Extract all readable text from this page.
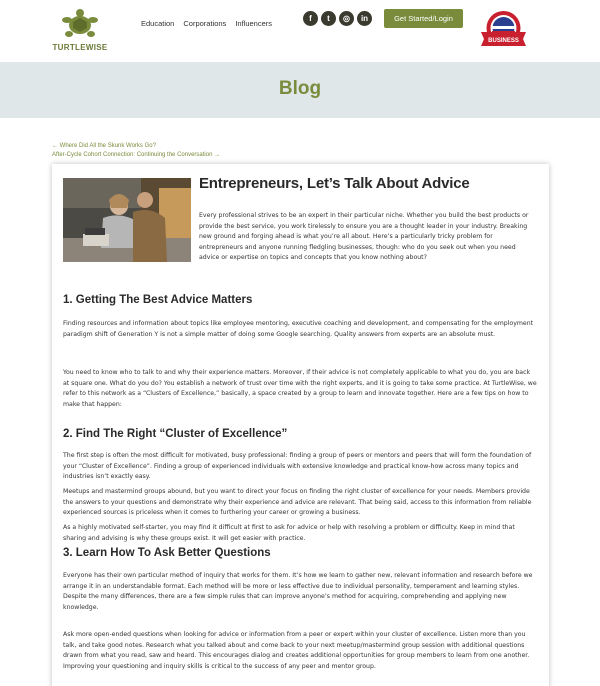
TURTLEWISE
Education Corporations Influencers
f	t	◎	in	Get Started/Login
BUSINESS
Blog
← Where Did All the Skunk Works Go?
After-Cycle Cohort Connection: Continuing the Conversation →
Entrepreneurs, Let’s Talk About Advice

Every professional strives to be an expert in their particular niche. Whether you build the best products or provide the best service, you work tirelessly to ensure you are a thought leader in your industry. Breaking new ground and forging ahead is what you’re all about. Here’s a particularly tricky problem for entrepreneurs and anyone running fledgling businesses, though: who do you seek out when you need advice or expertise on topics and concepts that you know nothing about?

1. Getting The Best Advice Matters

Finding resources and information about topics like employee mentoring, executive coaching and development, and compensating for the employment paradigm shift of Generation Y is not a simple matter of doing some Google searching. Quality answers from experts are an absolute must.

You need to know who to talk to and why their experience matters. Moreover, if their advice is not completely applicable to what you do, you are back at square one. What do you do? You establish a network of trust over time with the right experts, and it is going to take some practice. At TurtleWise, we refer to this network as a “Clusters of Excellence,” basically, a space created by a group to learn and innovate together. Here are a few tips on how to make that happen:

2. Find The Right “Cluster of Excellence”

The first step is often the most difficult for motivated, busy professional: finding a group of peers or mentors and peers that will form the foundation of your “Cluster of Excellence”. Finding a group of experienced individuals with extensive knowledge and practical know-how across many topics and industries isn’t exactly easy.

Meetups and mastermind groups abound, but you want to direct your focus on finding the right cluster of excellence for your needs. Members provide the answers to your questions and demonstrate why their experience and advice are relevant. That being said, access to this information from reliable experienced sources is priceless when it comes to furthering your career or growing a business.

As a highly motivated self-starter, you may find it difficult at first to ask for advice or help with resolving a problem or difficulty. Keep in mind that sharing and advising is why these groups exist. It will get easier with practice.

3. Learn How To Ask Better Questions

Everyone has their own particular method of inquiry that works for them. It’s how we learn to gather new, relevant information and research before we arrange it in an understandable format. Each method will be more or less effective due to individual personality, temperament and learning styles. Despite the many differences, there are a few simple rules that can improve anyone’s method for acquiring, comprehending and applying new knowledge.

Ask more open-ended questions when looking for advice or information from a peer or expert within your cluster of excellence. Listen more than you talk, and take good notes. Research what you talked about and come back to your next meetup/mastermind group session with additional questions drawn from what you read, saw and heard. This encourages dialog and creates additional opportunities for group members to learn from one another. Improving your questioning and inquiry skills is critical to the success of any peer and mentor group.
